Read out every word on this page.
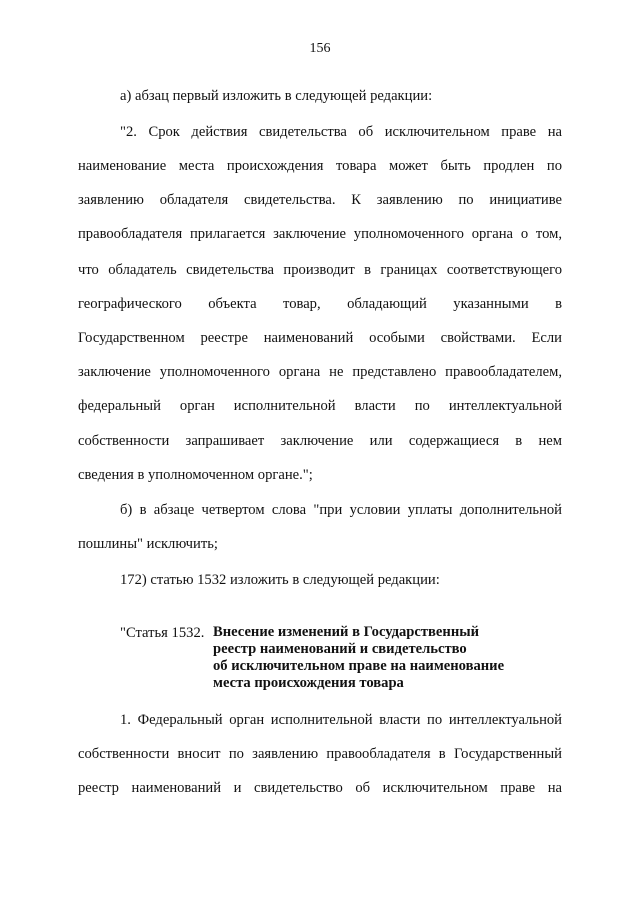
156
а) абзац первый изложить в следующей редакции:
"2. Срок действия свидетельства об исключительном праве на
наименование места происхождения товара может быть продлен по
заявлению обладателя свидетельства. К заявлению по инициативе
правообладателя прилагается заключение уполномоченного органа о том,
что обладатель свидетельства производит в границах соответствующего
географического объекта товар, обладающий указанными в
Государственном реестре наименований особыми свойствами. Если
заключение уполномоченного органа не представлено правообладателем,
федеральный орган исполнительной власти по интеллектуальной
собственности запрашивает заключение или содержащиеся в нем
сведения в уполномоченном органе.";
б) в абзаце четвертом слова "при условии уплаты дополнительной
пошлины" исключить;
172) статью 1532 изложить в следующей редакции:
"Статья 1532. Внесение изменений в Государственный
реестр наименований и свидетельство
об исключительном праве на наименование
места происхождения товара
1. Федеральный орган исполнительной власти по интеллектуальной
собственности вносит по заявлению правообладателя в Государственный
реестр наименований и свидетельство об исключительном праве на
